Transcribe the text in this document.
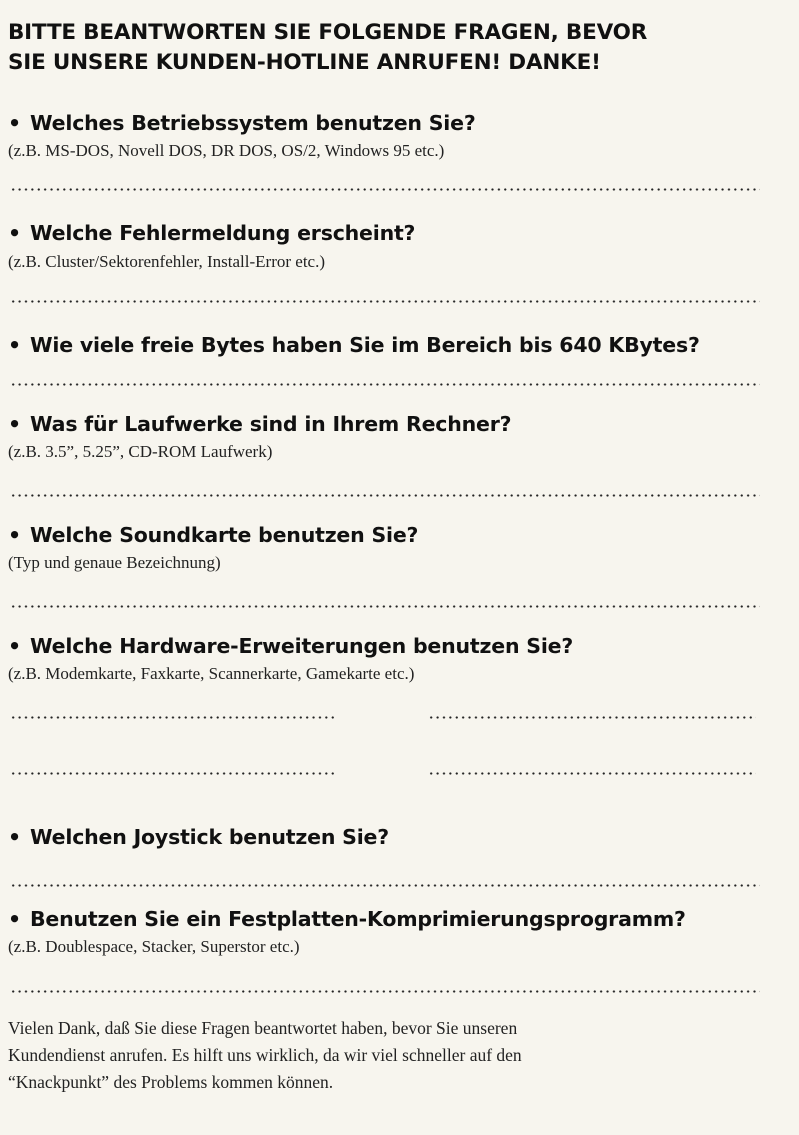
BITTE BEANTWORTEN SIE FOLGENDE FRAGEN, BEVOR
SIE UNSERE KUNDEN-HOTLINE ANRUFEN! DANKE!
• Welches Betriebssystem benutzen Sie?
(z.B. MS-DOS, Novell DOS, DR DOS, OS/2, Windows 95 etc.)
• Welche Fehlermeldung erscheint?
(z.B. Cluster/Sektorenfehler, Install-Error etc.)
• Wie viele freie Bytes haben Sie im Bereich bis 640 KBytes?
• Was für Laufwerke sind in Ihrem Rechner?
(z.B. 3.5”, 5.25”, CD-ROM Laufwerk)
• Welche Soundkarte benutzen Sie?
(Typ und genaue Bezeichnung)
• Welche Hardware-Erweiterungen benutzen Sie?
(z.B. Modemkarte, Faxkarte, Scannerkarte, Gamekarte etc.)
• Welchen Joystick benutzen Sie?
• Benutzen Sie ein Festplatten-Komprimierungsprogramm?
(z.B. Doublespace, Stacker, Superstor etc.)
Vielen Dank, daß Sie diese Fragen beantwortet haben, bevor Sie unseren
Kundendienst anrufen. Es hilft uns wirklich, da wir viel schneller auf den
“Knackpunkt” des Problems kommen können.
